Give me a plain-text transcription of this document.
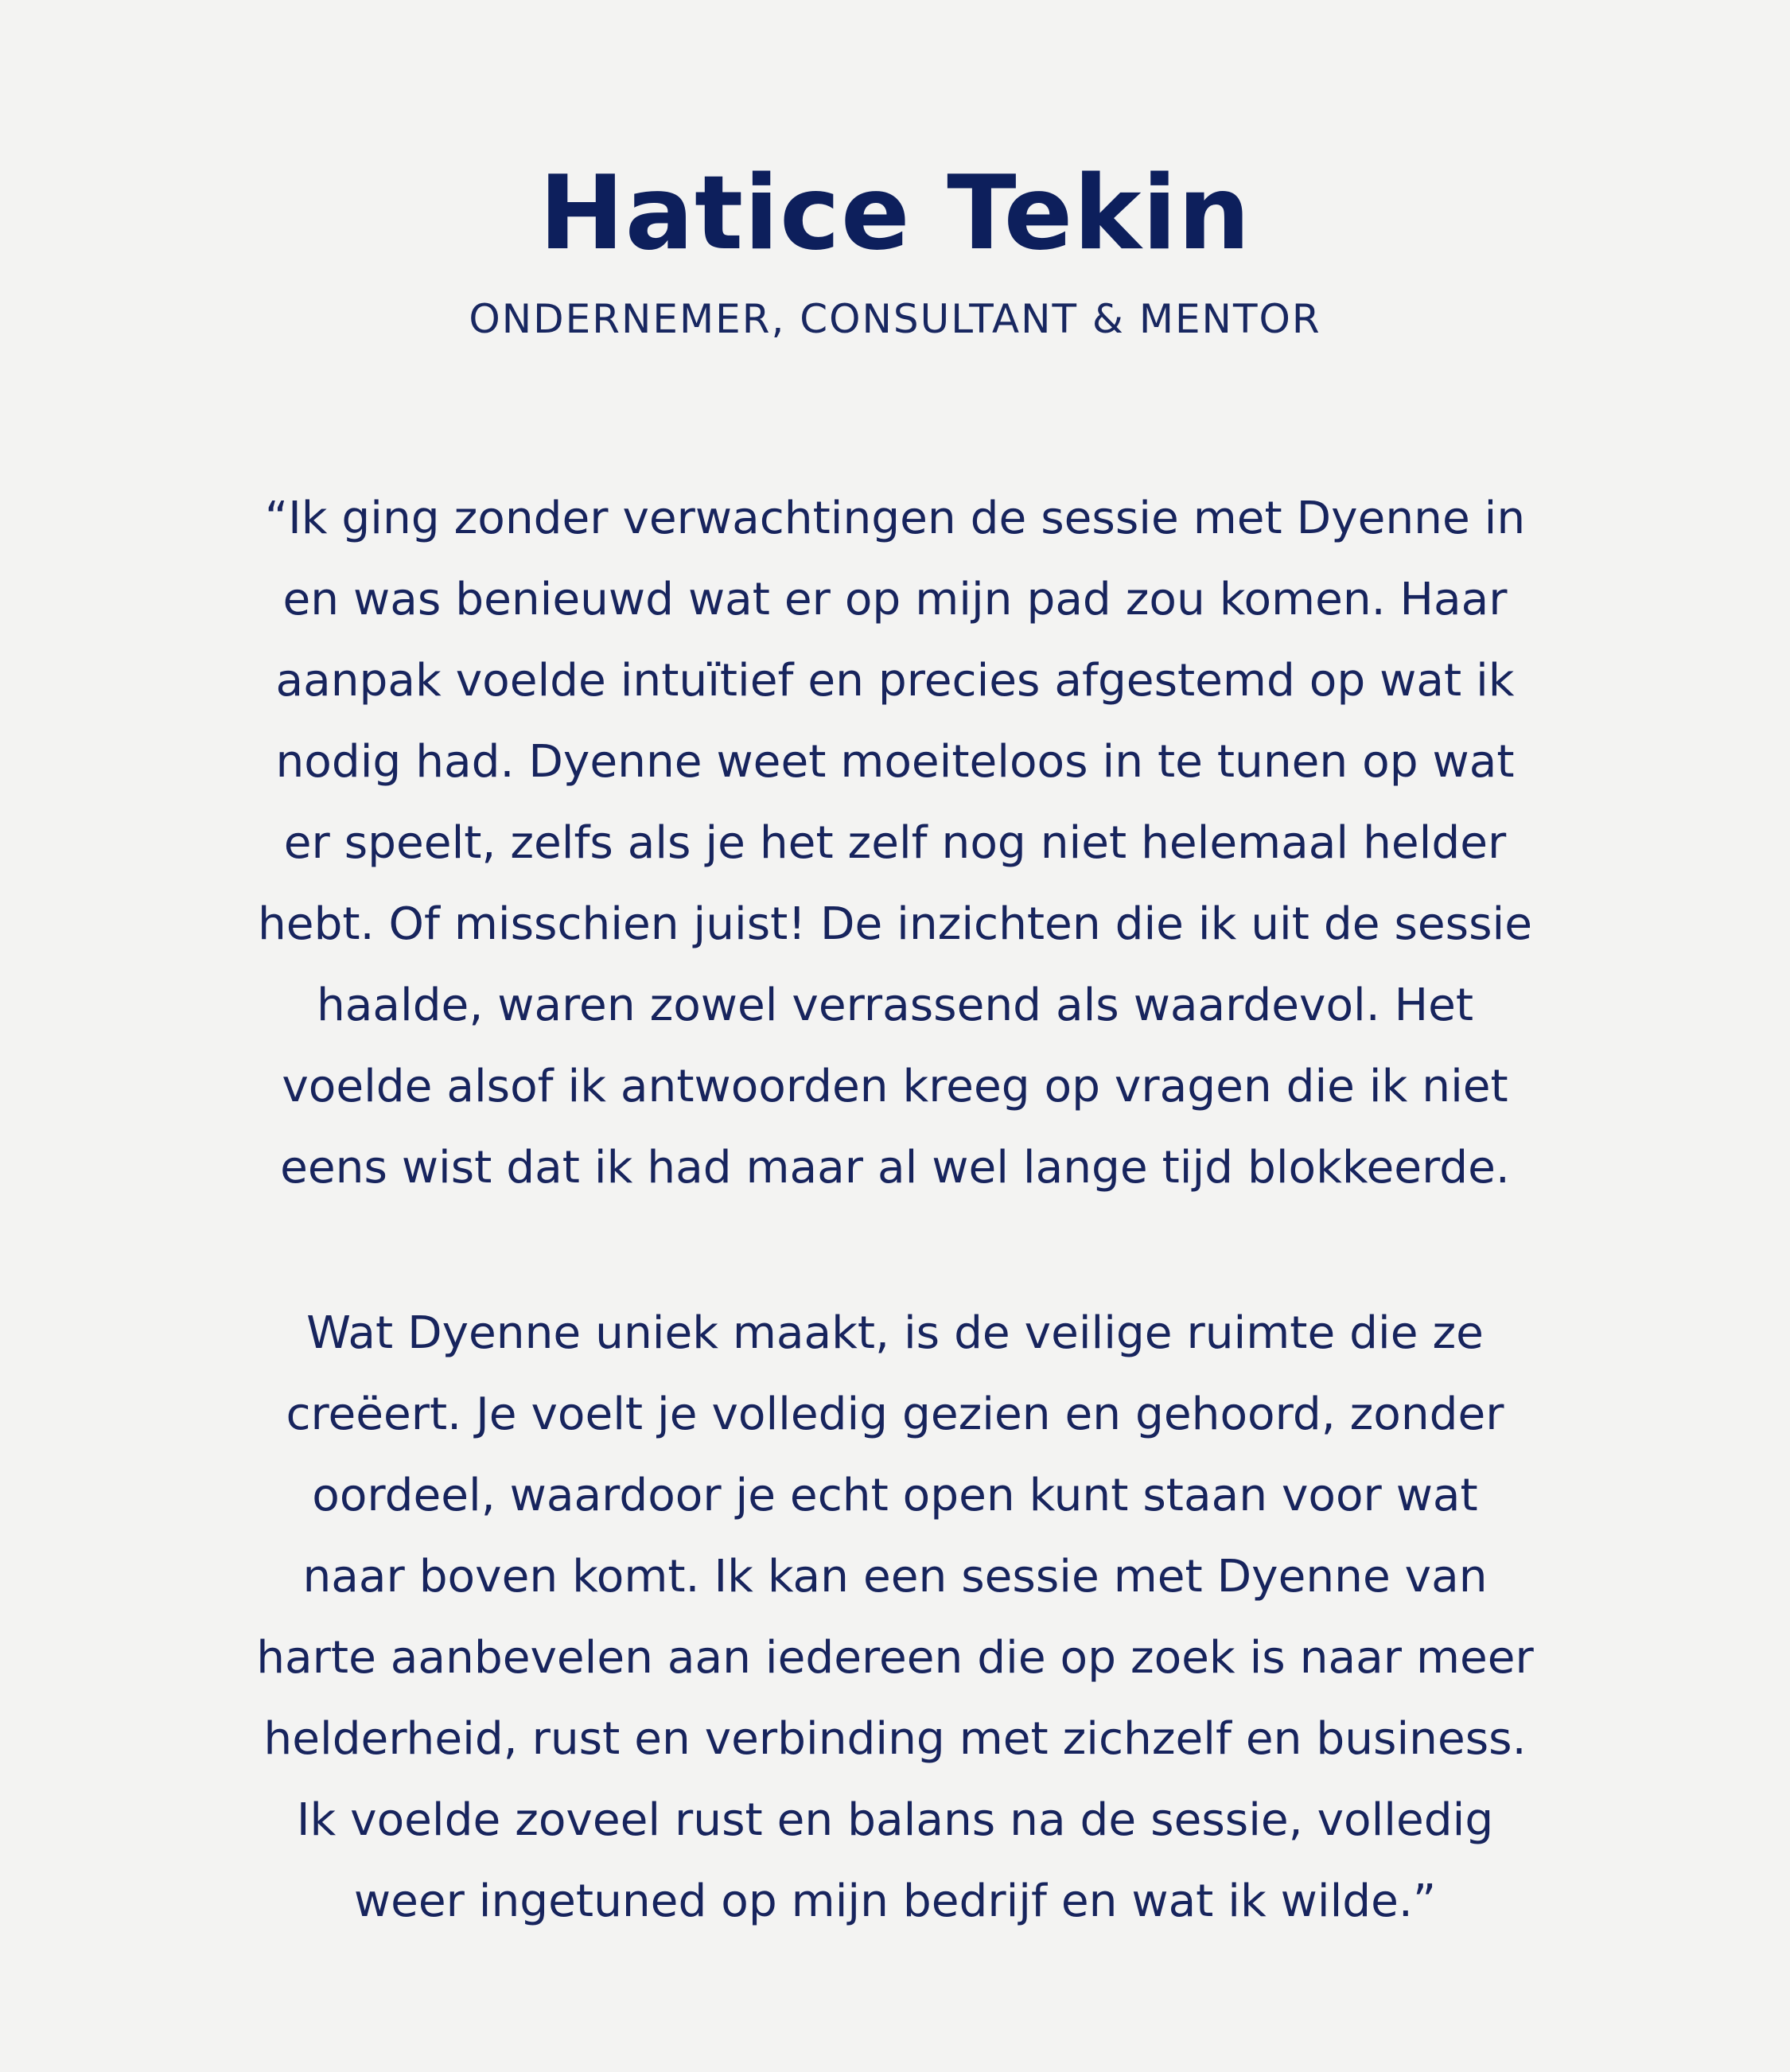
Hatice Tekin

ONDERNEMER, CONSULTANT & MENTOR

“Ik ging zonder verwachtingen de sessie met Dyenne in
en was benieuwd wat er op mijn pad zou komen. Haar
aanpak voelde intuïtief en precies afgestemd op wat ik
nodig had. Dyenne weet moeiteloos in te tunen op wat
er speelt, zelfs als je het zelf nog niet helemaal helder
hebt. Of misschien juist! De inzichten die ik uit de sessie
haalde, waren zowel verrassend als waardevol. Het
voelde alsof ik antwoorden kreeg op vragen die ik niet
eens wist dat ik had maar al wel lange tijd blokkeerde.

Wat Dyenne uniek maakt, is de veilige ruimte die ze
creëert. Je voelt je volledig gezien en gehoord, zonder
oordeel, waardoor je echt open kunt staan voor wat
naar boven komt. Ik kan een sessie met Dyenne van
harte aanbevelen aan iedereen die op zoek is naar meer
helderheid, rust en verbinding met zichzelf en business.
Ik voelde zoveel rust en balans na de sessie, volledig
weer ingetuned op mijn bedrijf en wat ik wilde.”
